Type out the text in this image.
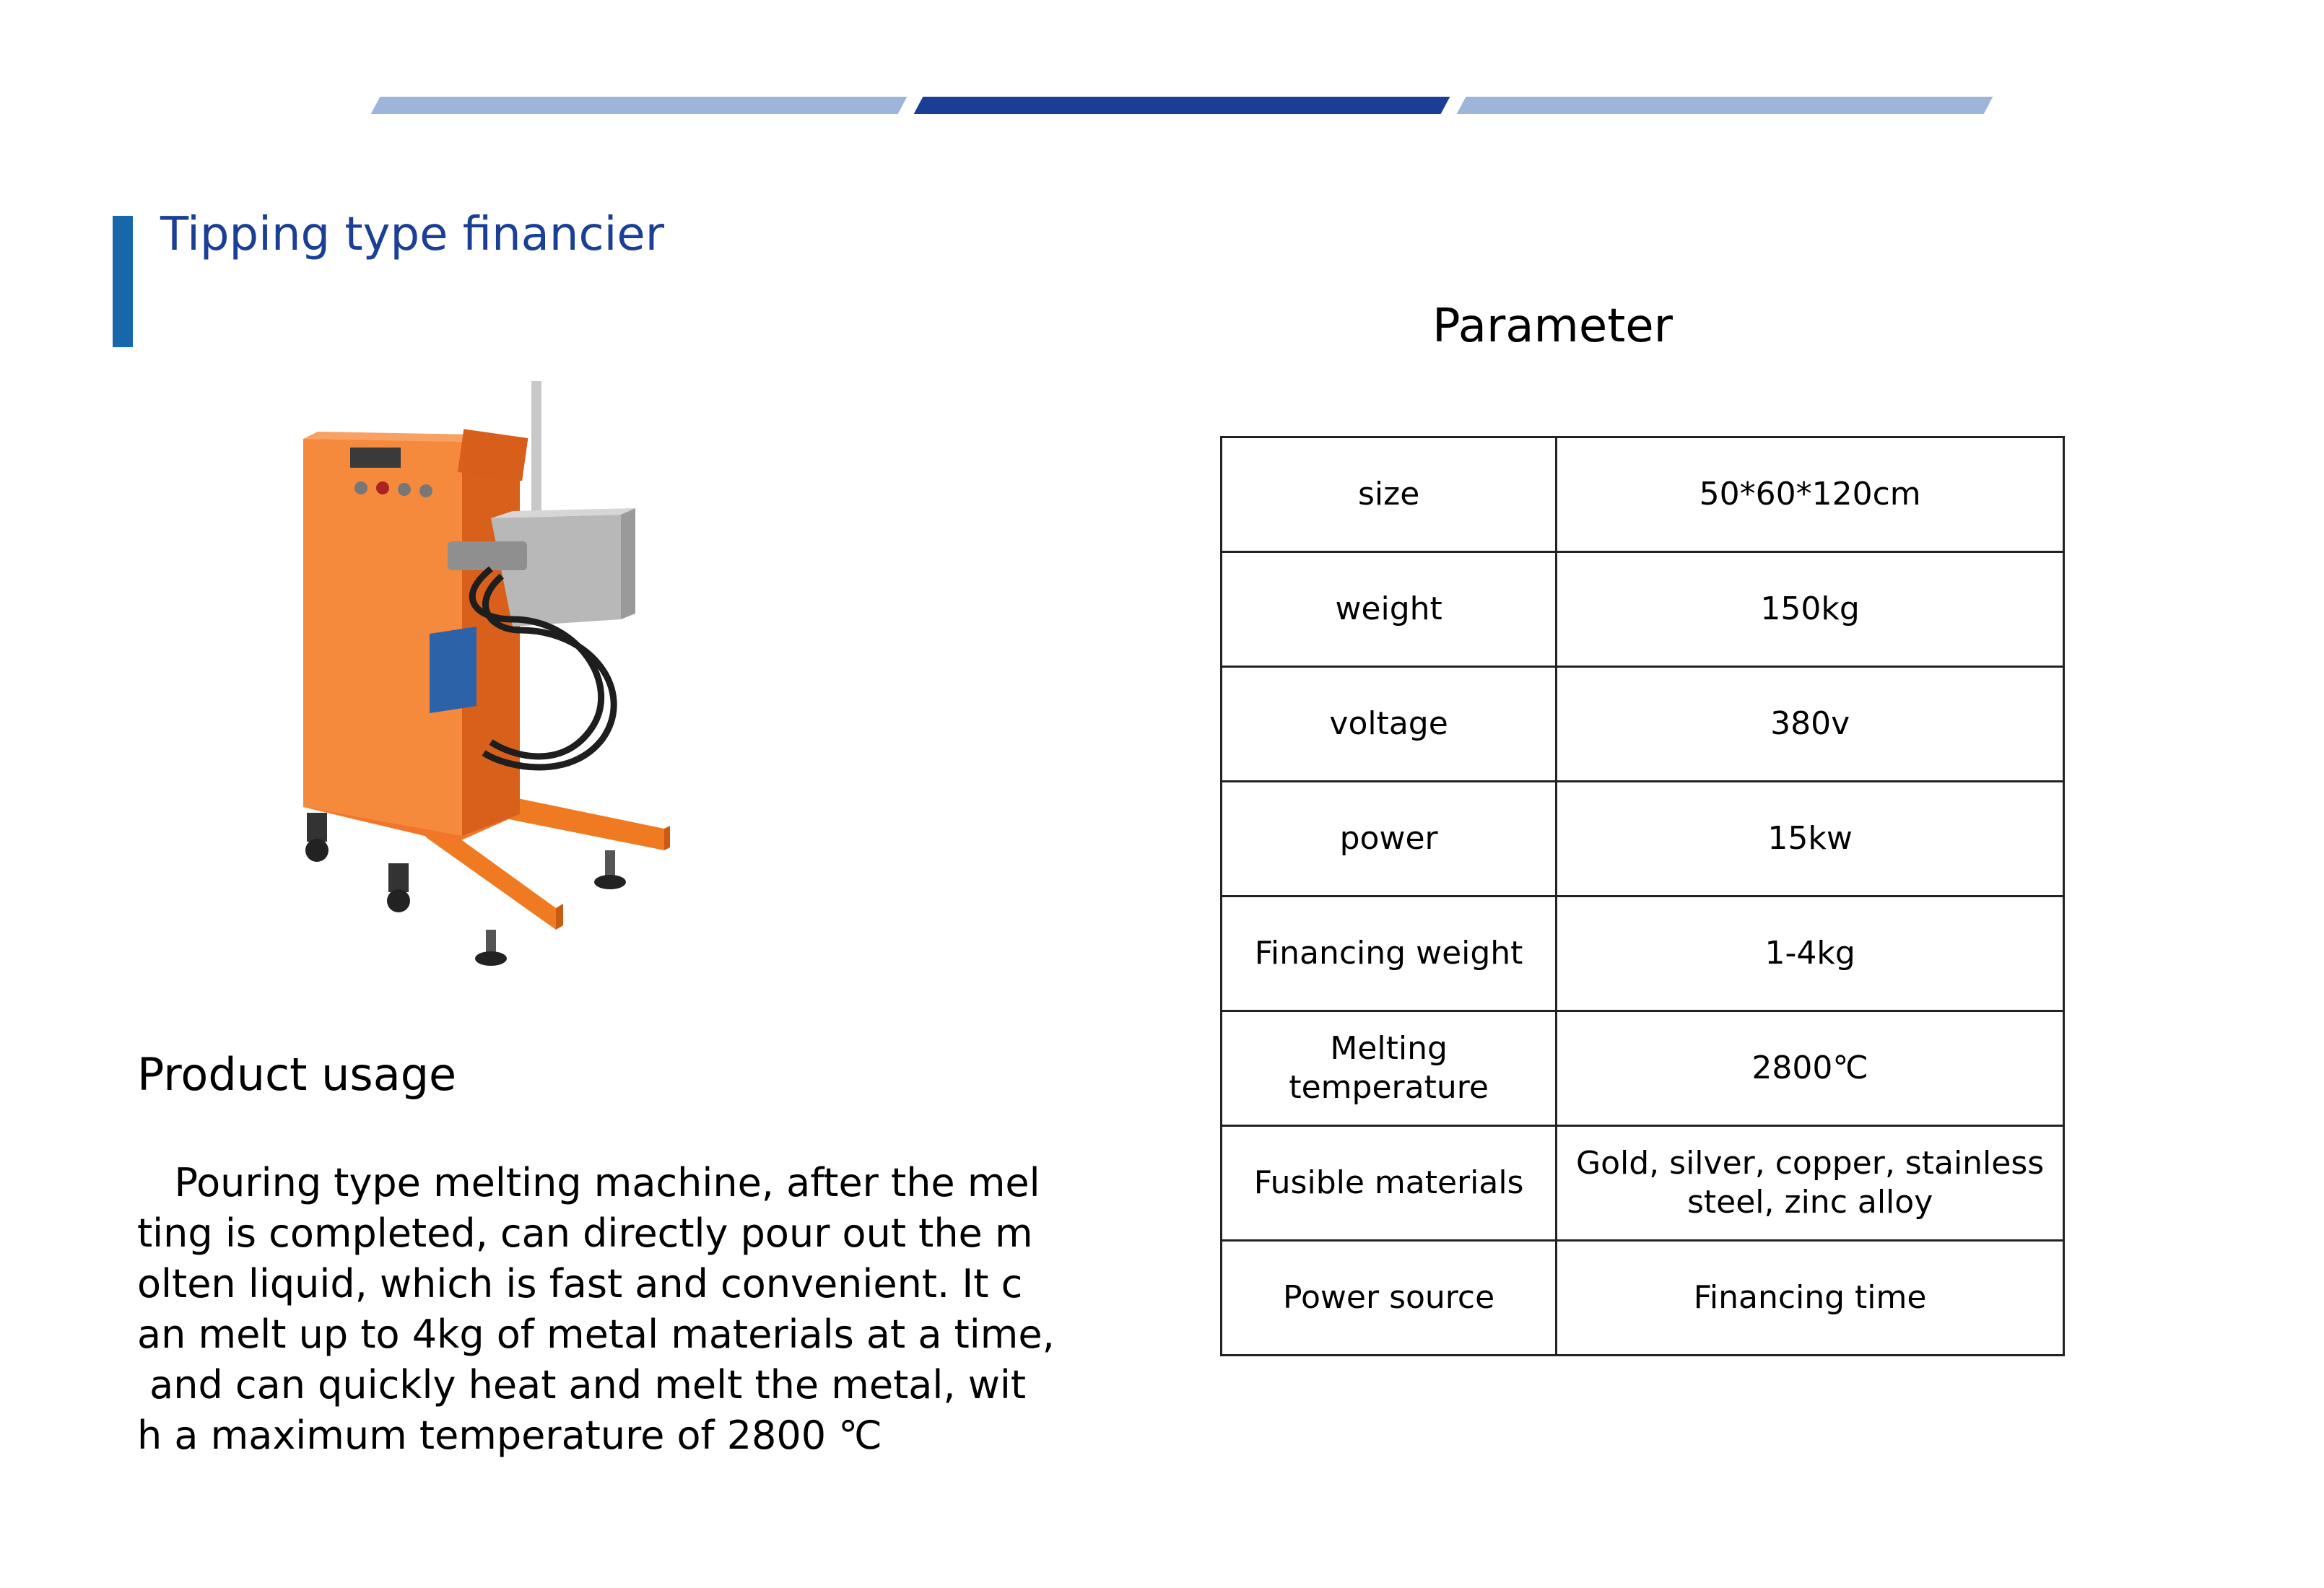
Tipping type financier
Product usage
Pouring type melting machine, after the mel
ting is completed, can directly pour out the m
olten liquid, which is fast and convenient. It c
an melt up to 4kg of metal materials at a time,
and can quickly heat and melt the metal, wit
h a maximum temperature of 2800 ℃
Parameter
size	50*60*120cm
weight	150kg
voltage	380v
power	15kw
Financing weight	1-4kg
Melting temperature	2800℃
Fusible materials	Gold, silver, copper, stainless steel, zinc alloy
Power source	Financing time
